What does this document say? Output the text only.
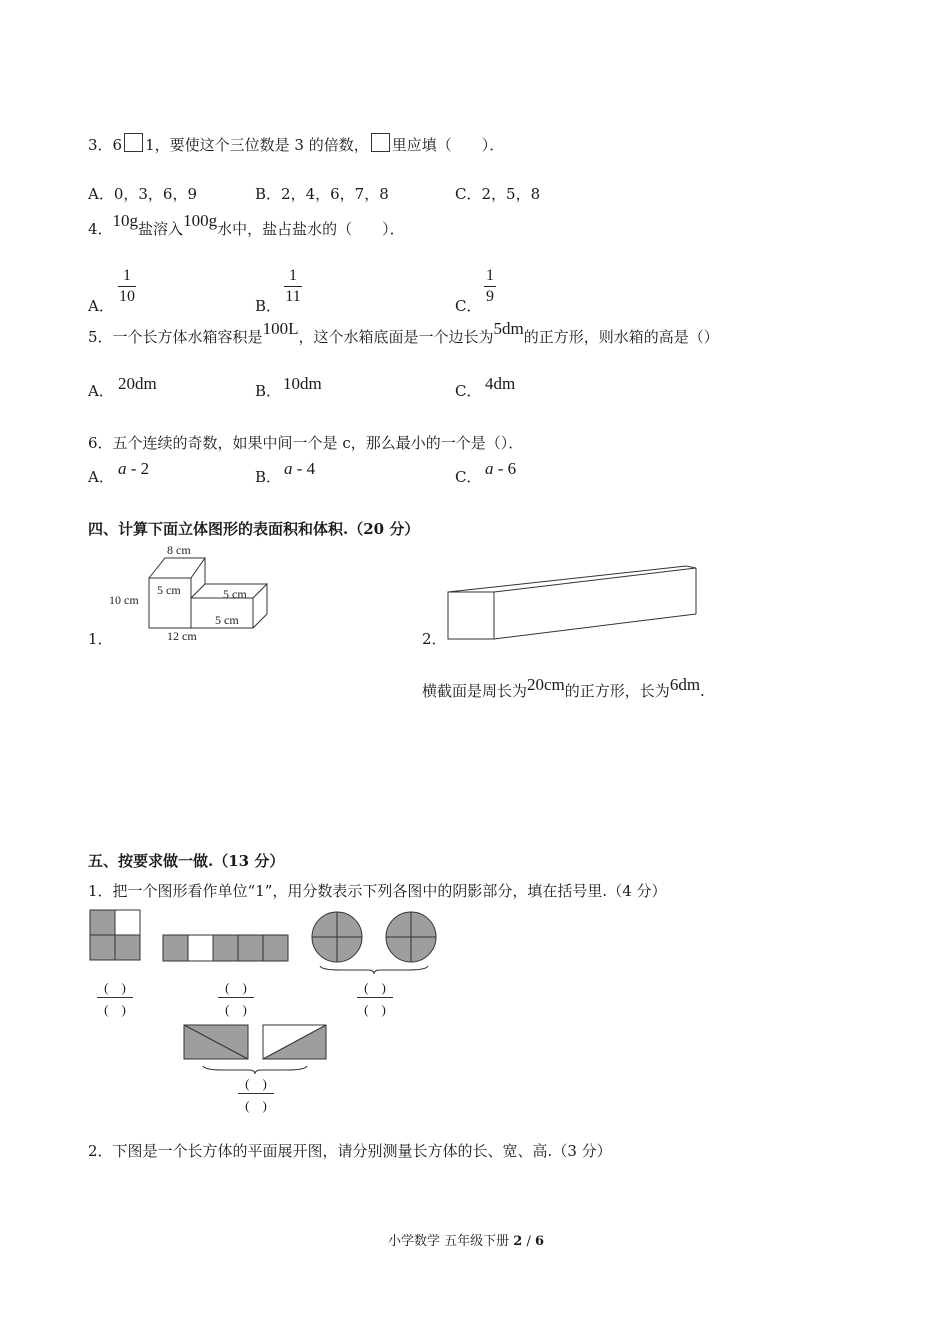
3．6 1，要使这个三位数是 3 的倍数， 里应填（　　）．
A．0，3，6，9	B．2，4，6，7，8	C．2，5，8
4．10g盐溶入100g水中，盐占盐水的（　　）．
A．
1
10
B．
1
11
C．
1
9
5．一个长方体水箱容积是100L，这个水箱底面是一个边长为5dm的正方形，则水箱的高是（）
A． 20dm	B． 10dm	C． 4dm
6．五个连续的奇数，如果中间一个是 c，那么最小的一个是（）．
A． a - 2	B． a - 4	C． a - 6
四、计算下面立体图形的表面积和体积.（20 分）
1．
8 cm
10 cm
5 cm	5 cm
5 cm
12 cm	2．
横截面是周长为20cm的正方形，长为6dm.
五、按要求做一做.（13 分）
1．把一个图形看作单位“1”，用分数表示下列各图中的阴影部分，填在括号里.（4 分）
(　)
(　)
(　)
(　)
(　)
(　)
(　)
(　)
2．下图是一个长方体的平面展开图，请分别测量长方体的长、宽、高.（3 分）
小学数学 五年级下册 2 / 6
